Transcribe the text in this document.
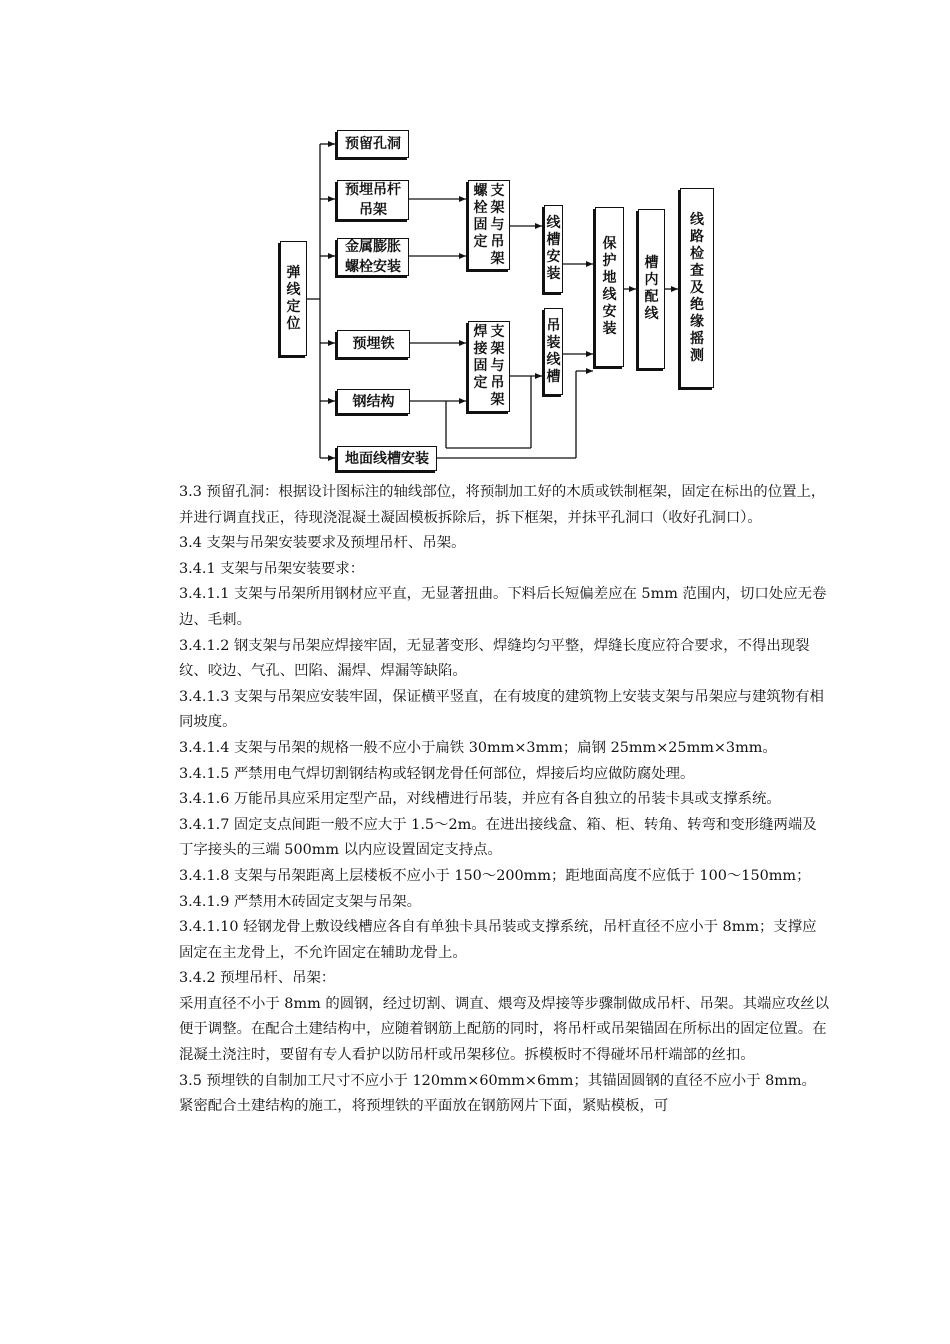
弹线定位
预留孔洞
预埋吊杆吊架
金属膨胀螺栓安装
预埋铁
钢结构
地面线槽安装
螺栓固定
支架与吊架
焊接固定
支架与吊架
线槽安装
吊装线槽
保护地线安装
槽内配线
线路检查及绝缘摇测

3.3 预留孔洞：根据设计图标注的轴线部位，将预制加工好的木质或铁制框架，固定在标出的位置上，并进行调直找正，待现浇混凝土凝固模板拆除后，拆下框架，并抹平孔洞口（收好孔洞口）。

3.4 支架与吊架安装要求及预埋吊杆、吊架。

3.4.1 支架与吊架安装要求：

3.4.1.1 支架与吊架所用钢材应平直，无显著扭曲。下料后长短偏差应在 5mm 范围内，切口处应无卷边、毛刺。

3.4.1.2 钢支架与吊架应焊接牢固，无显著变形、焊缝均匀平整，焊缝长度应符合要求，不得出现裂纹、咬边、气孔、凹陷、漏焊、焊漏等缺陷。

3.4.1.3 支架与吊架应安装牢固，保证横平竖直，在有坡度的建筑物上安装支架与吊架应与建筑物有相同坡度。

3.4.1.4 支架与吊架的规格一般不应小于扁铁 30mm×3mm；扁钢 25mm×25mm×3mm。

3.4.1.5 严禁用电气焊切割钢结构或轻钢龙骨任何部位，焊接后均应做防腐处理。

3.4.1.6 万能吊具应采用定型产品，对线槽进行吊装，并应有各自独立的吊装卡具或支撑系统。

3.4.1.7 固定支点间距一般不应大于 1.5～2m。在进出接线盒、箱、柜、转角、转弯和变形缝两端及丁字接头的三端 500mm 以内应设置固定支持点。

3.4.1.8 支架与吊架距离上层楼板不应小于 150～200mm；距地面高度不应低于 100～150mm；

3.4.1.9 严禁用木砖固定支架与吊架。

3.4.1.10 轻钢龙骨上敷设线槽应各自有单独卡具吊装或支撑系统，吊杆直径不应小于 8mm；支撑应固定在主龙骨上，不允许固定在辅助龙骨上。

3.4.2 预埋吊杆、吊架：

采用直径不小于 8mm 的圆钢，经过切割、调直、煨弯及焊接等步骤制做成吊杆、吊架。其端应攻丝以便于调整。在配合土建结构中，应随着钢筋上配筋的同时，将吊杆或吊架锚固在所标出的固定位置。在混凝土浇注时，要留有专人看护以防吊杆或吊架移位。拆模板时不得碰坏吊杆端部的丝扣。

3.5 预埋铁的自制加工尺寸不应小于 120mm×60mm×6mm；其锚固圆钢的直径不应小于 8mm。紧密配合土建结构的施工，将预埋铁的平面放在钢筋网片下面，紧贴模板，可
